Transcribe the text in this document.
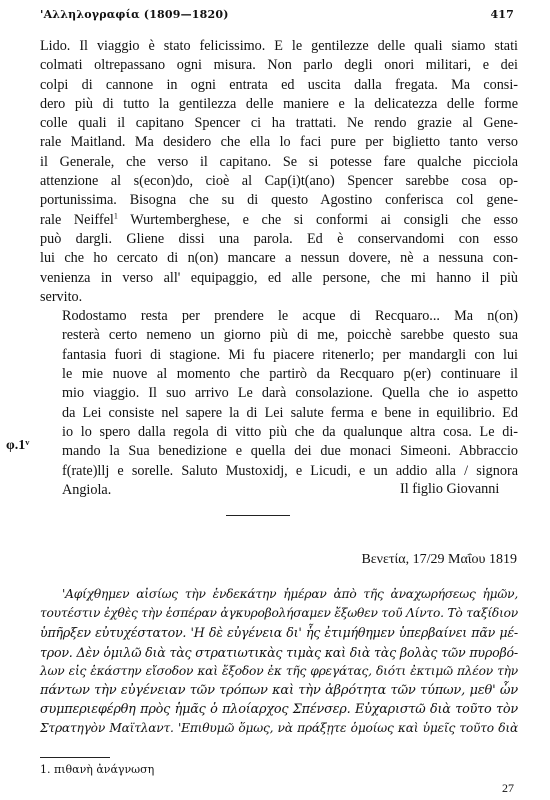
'Αλληλογραφία (1809—1820)	417

Lido. Il viaggio è stato felicissimo. E le gentilezze delle quali siamo stati
colmati oltrepassano ogni misura. Non parlo degli onori militari, e dei
colpi di cannone in ogni entrata ed uscita dalla fregata. Ma consi-
dero più di tutto la gentilezza delle maniere e la delicatezza delle forme
colle quali il capitano Spencer ci ha trattati. Ne rendo grazie al Gene-
rale Maitland. Ma desidero che ella lo faci pure per biglietto tanto verso
il Generale, che verso il capitano. Se si potesse fare qualche picciola
attenzione al s(econ)do, cioè al Cap(i)t(ano) Spencer sarebbe cosa op-
portunissima. Bisogna che su di questo Agostino conferisca col gene-
rale Neiffel$^1$ Wurtemberghese, e che si conformi ai consigli che esso
può dargli. Gliene dissi una parola. Ed è conservandomi con esso
lui che ho cercato di n(on) mancare a nessun dovere, nè a nessuna con-
venienza in verso all' equipaggio, ed alle persone, che mi hanno il più
servito.

Rodostamo resta per prendere le acque di Recquaro... Ma n(on)
resterà certo nemeno un giorno più di me, poicchè sarebbe questo sua
fantasia fuori di stagione. Mi fu piacere ritenerlo; per mandargli con lui
le mie nuove al momento che partirò da Recquaro p(er) continuare il
mio viaggio. Il suo arrivo Le darà consolazione. Quella che io aspetto
da Lei consiste nel sapere la di Lei salute ferma e bene in equilibrio. Ed
io lo spero dalla regola di vitto più che da qualunque altra cosa. Le di-
mando la Sua benedizione e quella dei due monaci Simeoni. Abbraccio
f(rate)llj e sorelle. Saluto Mustoxidj, e Licudi, e un addio alla / signora
Angiola.

φ.1ᵛ
Il figlio Giovanni
Βενετία, 17/29 Μαΐου 1819
'Αφίχθημεν αἰσίως τὴν ἑνδεκάτην ἡμέραν ἀπὸ τῆς ἀναχωρήσεως ἡμῶν,
τουτέστιν ἐχθὲς τὴν ἑσπέραν ἀγκυροβολήσαμεν ἔξωθεν τοῦ Λίντο. Τὸ ταξίδιον
ὑπῆρξεν εὐτυχέστατον. 'Η δὲ εὐγένεια δι' ἧς ἐτιμήθημεν ὑπερβαίνει πᾶν μέ-
τρον. Δὲν ὁμιλῶ διὰ τὰς στρατιωτικὰς τιμὰς καὶ διὰ τὰς βολὰς τῶν πυροβό-
λων εἰς ἑκάστην εἴσοδον καὶ ἔξοδον ἐκ τῆς φρεγάτας, διότι ἐκτιμῶ πλέον τὴν
πάντων τὴν εὐγένειαν τῶν τρόπων καὶ τὴν ἀβρότητα τῶν τύπων, μεθ' ὧν
συμπεριεφέρθη πρὸς ἡμᾶς ὁ πλοίαρχος Σπένσερ. Εὐχαριστῶ διὰ τοῦτο τὸν
Στρατηγὸν Μαϊτλαντ. 'Επιθυμῶ ὅμως, νὰ πράξῃτε ὁμοίως καὶ ὑμεῖς τοῦτο διὰ
1. πιθανὴ ἀνάγνωση
27
